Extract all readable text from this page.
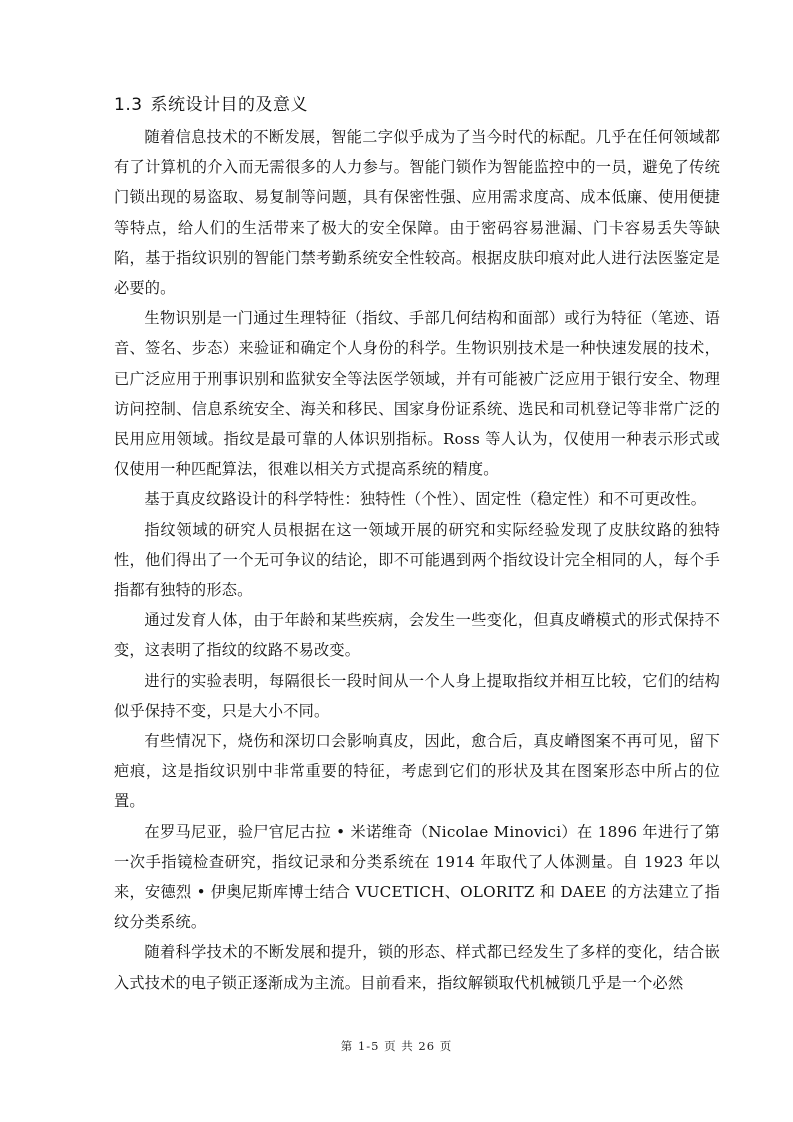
1.3 系统设计目的及意义

随着信息技术的不断发展，智能二字似乎成为了当今时代的标配。几乎在任何领域都有了计算机的介入而无需很多的人力参与。智能门锁作为智能监控中的一员，避免了传统门锁出现的易盗取、易复制等问题，具有保密性强、应用需求度高、成本低廉、使用便捷等特点，给人们的生活带来了极大的安全保障。由于密码容易泄漏、门卡容易丢失等缺陷，基于指纹识别的智能门禁考勤系统安全性较高。根据皮肤印痕对此人进行法医鉴定是必要的。

生物识别是一门通过生理特征（指纹、手部几何结构和面部）或行为特征（笔迹、语音、签名、步态）来验证和确定个人身份的科学。生物识别技术是一种快速发展的技术，已广泛应用于刑事识别和监狱安全等法医学领域，并有可能被广泛应用于银行安全、物理访问控制、信息系统安全、海关和移民、国家身份证系统、选民和司机登记等非常广泛的民用应用领域。指纹是最可靠的人体识别指标。Ross 等人认为，仅使用一种表示形式或仅使用一种匹配算法，很难以相关方式提高系统的精度。

基于真皮纹路设计的科学特性：独特性（个性）、固定性（稳定性）和不可更改性。

指纹领域的研究人员根据在这一领域开展的研究和实际经验发现了皮肤纹路的独特性，他们得出了一个无可争议的结论，即不可能遇到两个指纹设计完全相同的人，每个手指都有独特的形态。

通过发育人体，由于年龄和某些疾病，会发生一些变化，但真皮嵴模式的形式保持不变，这表明了指纹的纹路不易改变。

进行的实验表明，每隔很长一段时间从一个人身上提取指纹并相互比较，它们的结构似乎保持不变，只是大小不同。

有些情况下，烧伤和深切口会影响真皮，因此，愈合后，真皮嵴图案不再可见，留下疤痕，这是指纹识别中非常重要的特征，考虑到它们的形状及其在图案形态中所占的位置。

在罗马尼亚，验尸官尼古拉 • 米诺维奇（Nicolae Minovici）在 1896 年进行了第一次手指镜检查研究，指纹记录和分类系统在 1914 年取代了人体测量。自 1923 年以来，安德烈 • 伊奥尼斯库博士结合 VUCETICH、OLORITZ 和 DAEE 的方法建立了指纹分类系统。

随着科学技术的不断发展和提升，锁的形态、样式都已经发生了多样的变化，结合嵌入式技术的电子锁正逐渐成为主流。目前看来，指纹解锁取代机械锁几乎是一个必然

第 1-5 页 共 26 页
